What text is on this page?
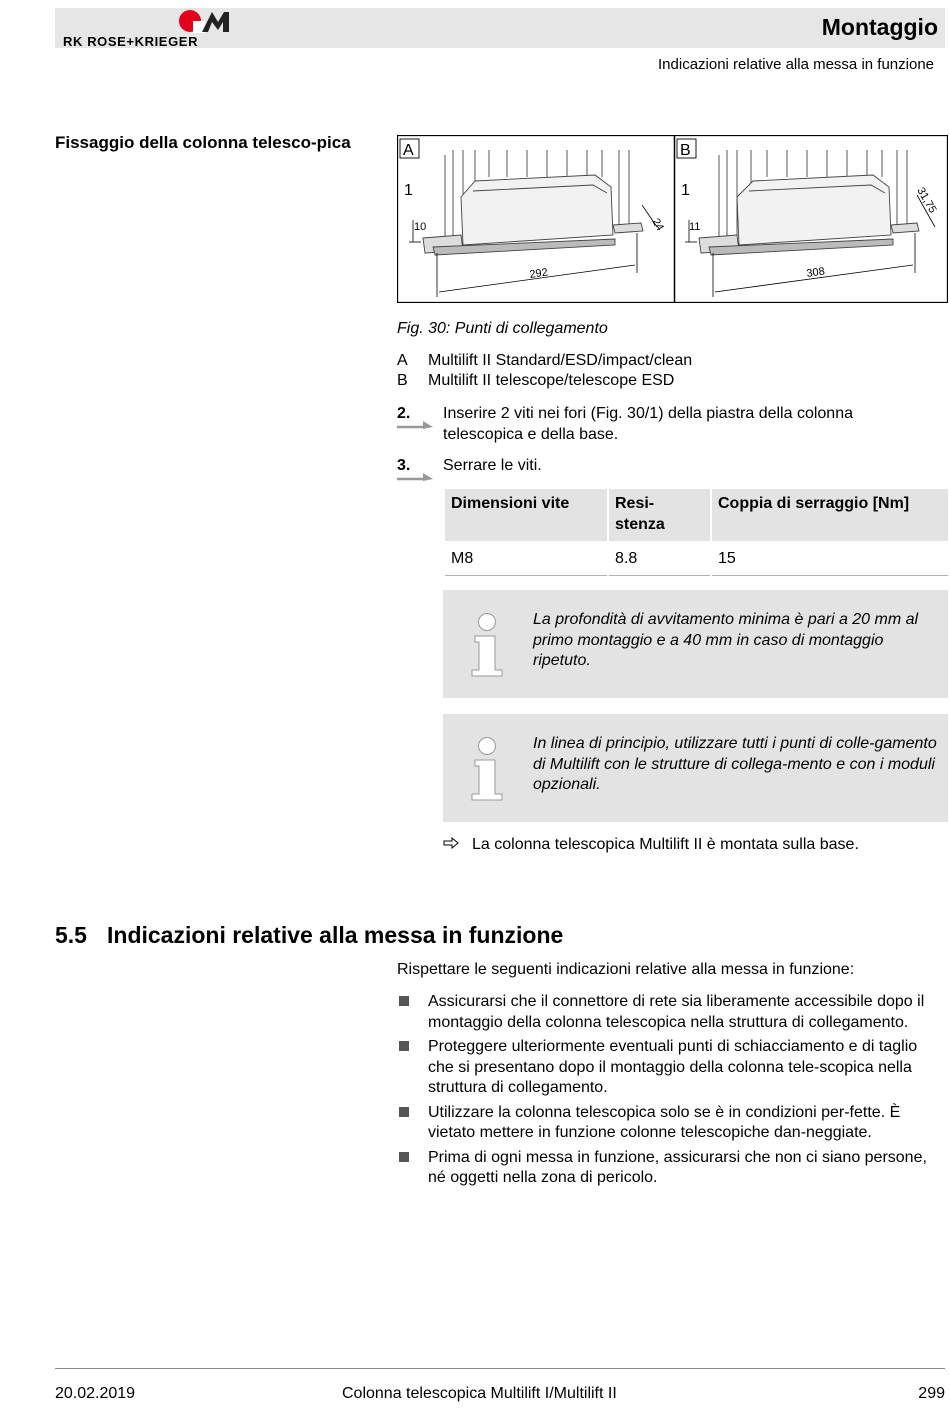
RK ROSE+KRIEGER
Montaggio
Indicazioni relative alla messa in funzione
Fissaggio della colonna telesco-pica	A
1
10	24
292
B
1
11
31,75
308
Fig. 30: Punti di collegamento
A	Multilift II Standard/ESD/impact/clean
B	Multilift II telescope/telescope ESD
2. Inserire 2 viti nei fori (Fig. 30/1) della piastra della colonna telescopica e della base.
3. Serrare le viti.
Dimensioni vite	Resi-stenza	Coppia di serraggio [Nm]
M8	8.8	15
La profondità di avvitamento minima è pari a 20 mm al primo montaggio e a 40 mm in caso di montaggio ripetuto.
In linea di principio, utilizzare tutti i punti di colle-gamento di Multilift con le strutture di collega-mento e con i moduli opzionali.
La colonna telescopica Multilift II è montata sulla base.
5.5 Indicazioni relative alla messa in funzione
Rispettare le seguenti indicazioni relative alla messa in funzione:
Assicurarsi che il connettore di rete sia liberamente accessibile dopo il montaggio della colonna telescopica nella struttura di collegamento.
Proteggere ulteriormente eventuali punti di schiacciamento e di taglio che si presentano dopo il montaggio della colonna tele-scopica nella struttura di collegamento.
Utilizzare la colonna telescopica solo se è in condizioni per-fette. È vietato mettere in funzione colonne telescopiche dan-neggiate.
Prima di ogni messa in funzione, assicurarsi che non ci siano persone, né oggetti nella zona di pericolo.
20.02.2019	Colonna telescopica Multilift I/Multilift II	299
